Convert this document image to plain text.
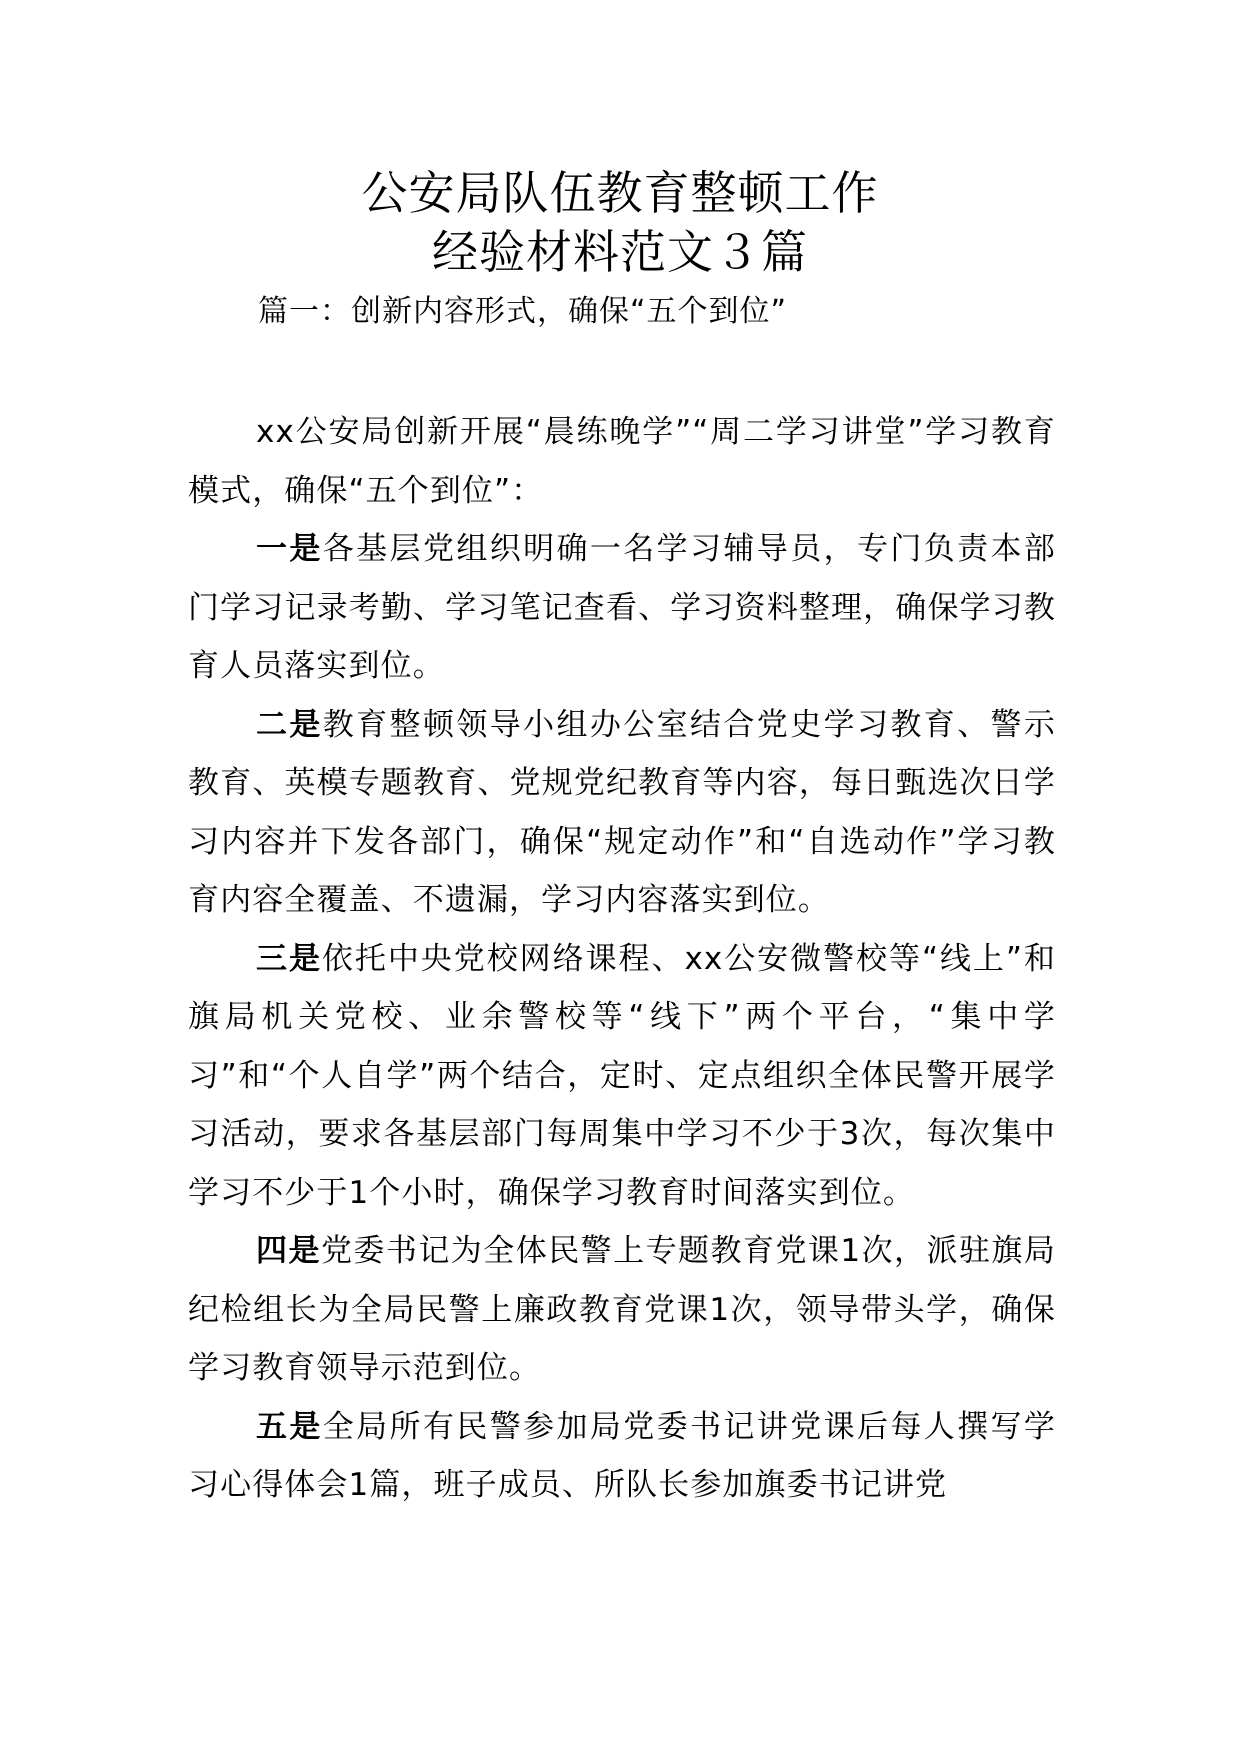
公安局队伍教育整顿工作
经验材料范文３篇
篇一：创新内容形式，确保“五个到位”

xx公安局创新开展“晨练晚学”“周二学习讲堂”学习教育模式，确保“五个到位”：

一是各基层党组织明确一名学习辅导员，专门负责本部门学习记录考勤、学习笔记查看、学习资料整理，确保学习教育人员落实到位。

二是教育整顿领导小组办公室结合党史学习教育、警示教育、英模专题教育、党规党纪教育等内容，每日甄选次日学习内容并下发各部门，确保“规定动作”和“自选动作”学习教育内容全覆盖、不遗漏，学习内容落实到位。

三是依托中央党校网络课程、xx公安微警校等“线上”和旗局机关党校、业余警校等“线下”两个平台，“集中学习”和“个人自学”两个结合，定时、定点组织全体民警开展学习活动，要求各基层部门每周集中学习不少于3次，每次集中学习不少于1个小时，确保学习教育时间落实到位。

四是党委书记为全体民警上专题教育党课1次，派驻旗局纪检组长为全局民警上廉政教育党课1次，领导带头学，确保学习教育领导示范到位。

五是全局所有民警参加局党委书记讲党课后每人撰写学习心得体会1篇，班子成员、所队长参加旗委书记讲党
